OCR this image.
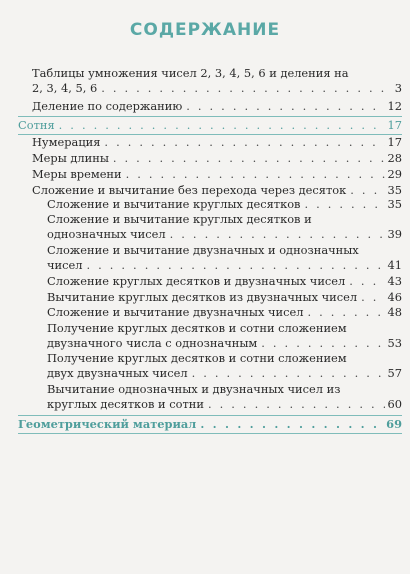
СОДЕРЖАНИЕ
Таблицы умножения чисел 2, 3, 4, 5, 6 и деления на
2, 3, 4, 5, 6 . . .	3
Деление по содержанию . . .	12
Сотня . . .	17
Нумерация . . .	17
Меры длины . . .	28
Меры времени . . .	29
Сложение и вычитание без перехода через десяток . . .	35
Сложение и вычитание круглых десятков . . .	35
Сложение и вычитание круглых десятков и
однозначных чисел . . .	39
Сложение и вычитание двузначных и однозначных
чисел . . .	41
Сложение круглых десятков и двузначных чисел . . .	43
Вычитание круглых десятков из двузначных чисел . . .	46
Сложение и вычитание двузначных чисел . . .	48
Получение круглых десятков и сотни сложением
двузначного числа с однозначным . . .	53
Получение круглых десятков и сотни сложением
двух двузначных чисел . . .	57
Вычитание однозначных и двузначных чисел из
круглых десятков и сотни . . .	60
Геометрический материал . . .	69
